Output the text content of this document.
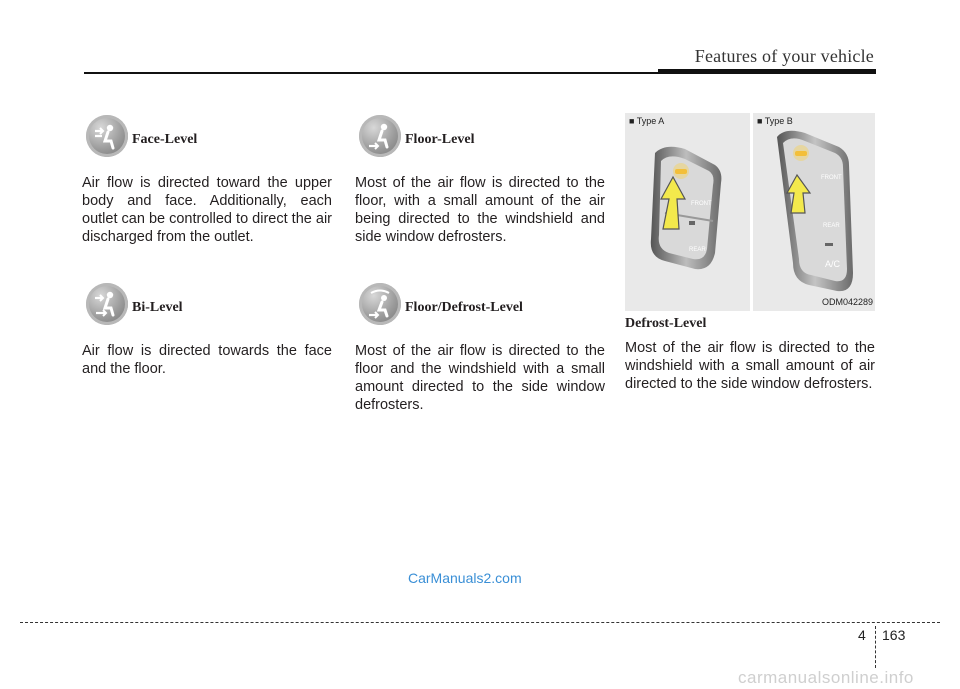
Features of your vehicle
Face-Level

Air flow is directed toward the upper body and face. Additionally, each outlet can be controlled to direct the air discharged from the outlet.

Bi-Level

Air flow is directed towards the face and the floor.

Floor-Level

Most of the air flow is directed to the floor, with a small amount of the air being directed to the windshield and side window defrosters.

Floor/Defrost-Level

Most of the air flow is directed to the floor and the windshield with a small amount directed to the side window defrosters.

■ Type A
FRONT
REAR
■ Type B
FRONT
REAR
A/C
ODM042289
Defrost-Level
Most of the air flow is directed to the windshield with a small amount of air directed to the side window defrosters.
CarManuals2.com
4 163
carmanualsonline.info
